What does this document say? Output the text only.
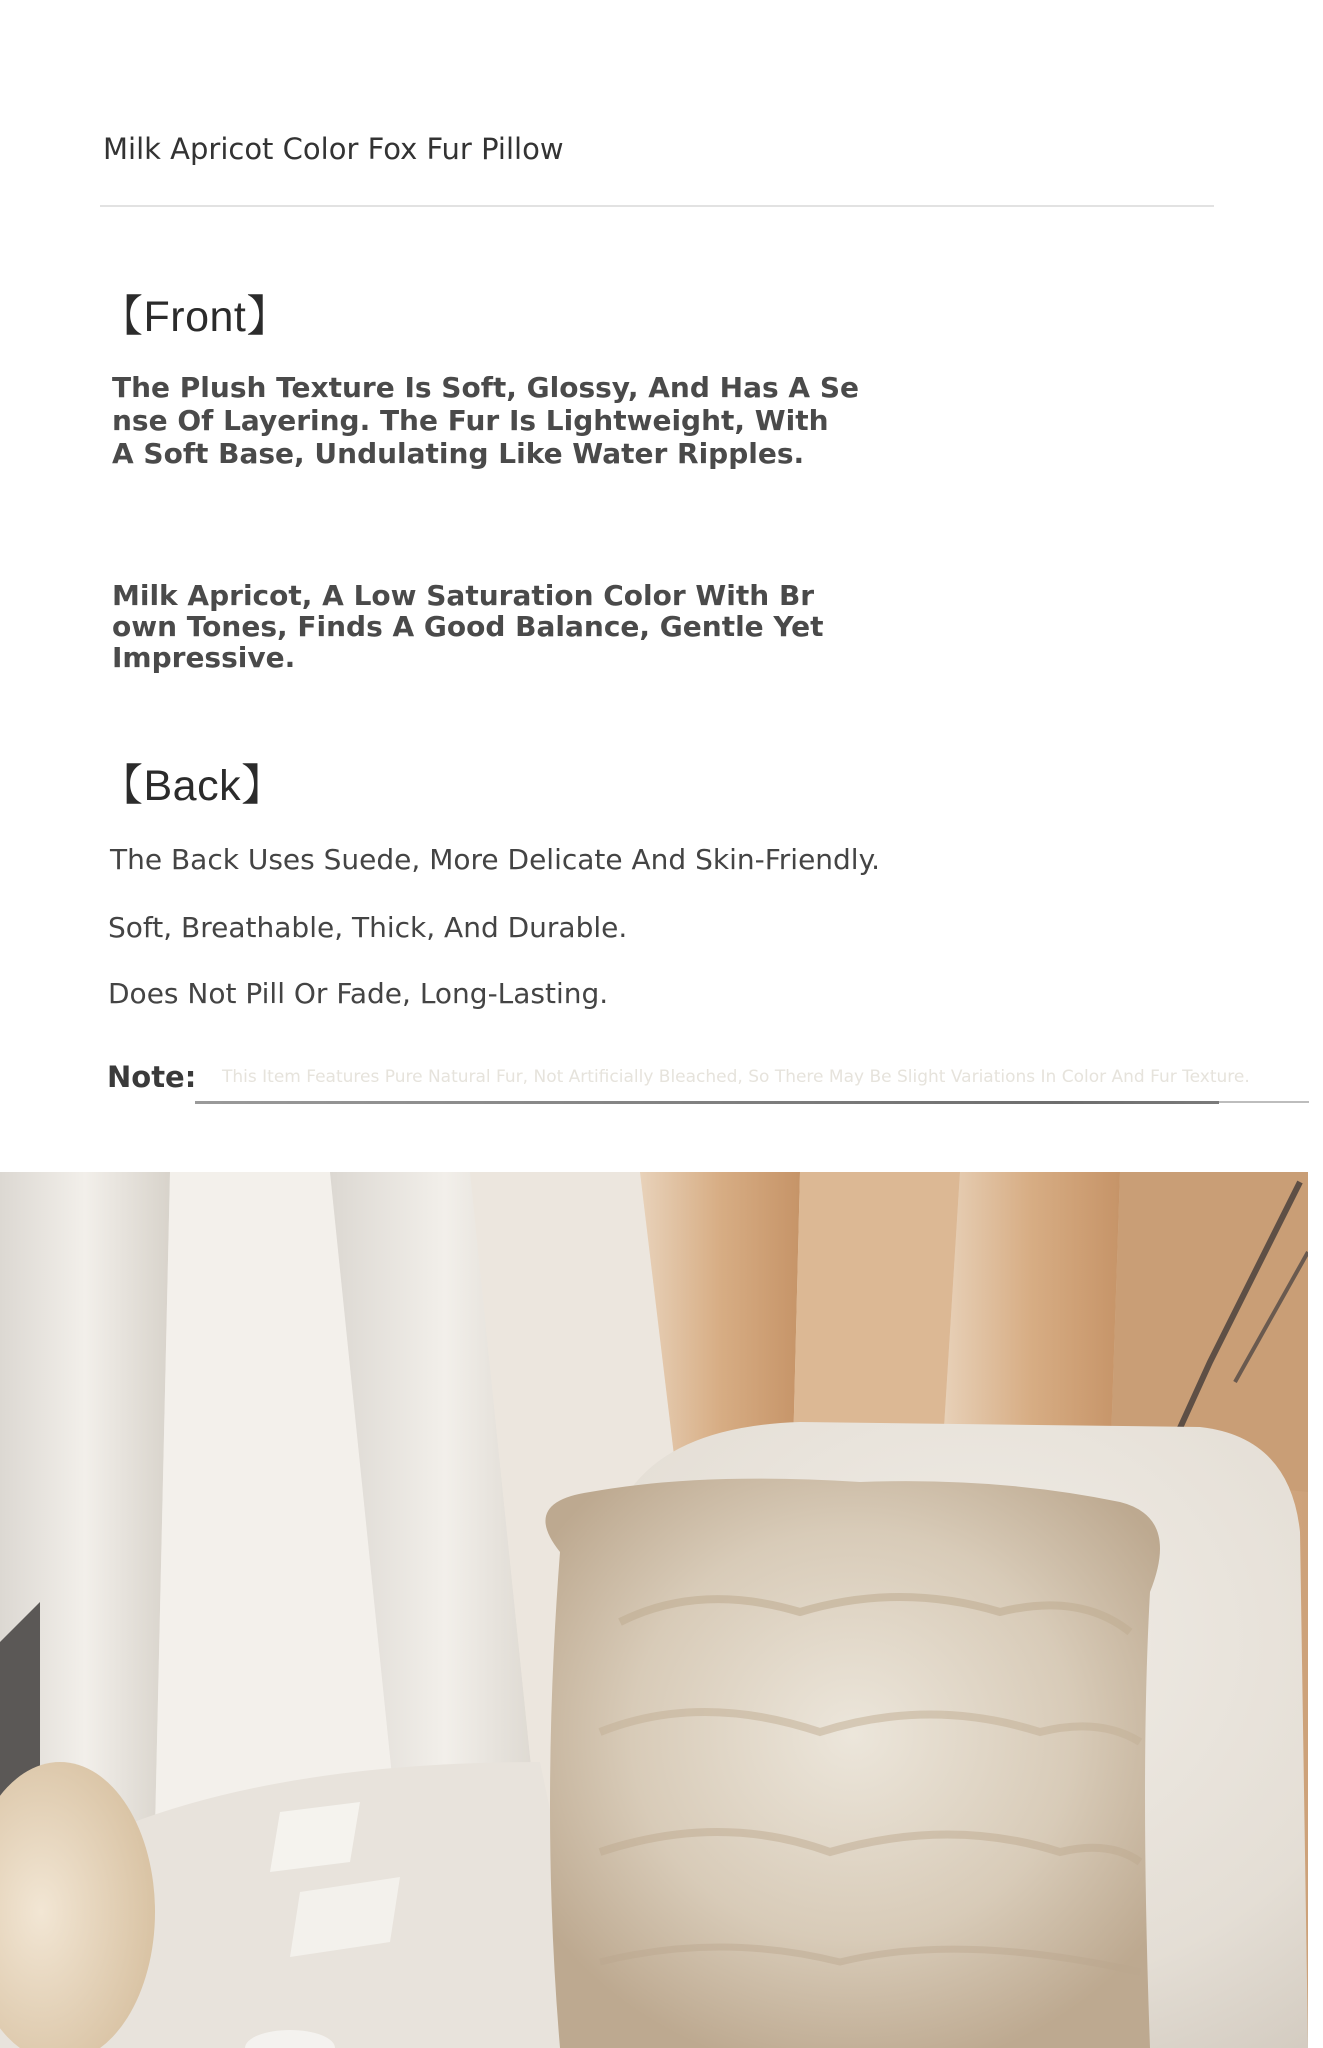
Milk Apricot Color Fox Fur Pillow
【Front】
The Plush Texture Is Soft, Glossy, And Has A Se
nse Of Layering. The Fur Is Lightweight, With
A Soft Base, Undulating Like Water Ripples.
Milk Apricot, A Low Saturation Color With Br
own Tones, Finds A Good Balance, Gentle Yet
Impressive.
【Back】
The Back Uses Suede, More Delicate And Skin-Friendly.
Soft, Breathable, Thick, And Durable.
Does Not Pill Or Fade, Long-Lasting.
Note: This Item Features Pure Natural Fur, Not Artificially Bleached, So There May Be Slight Variations In Color And Fur Texture.
